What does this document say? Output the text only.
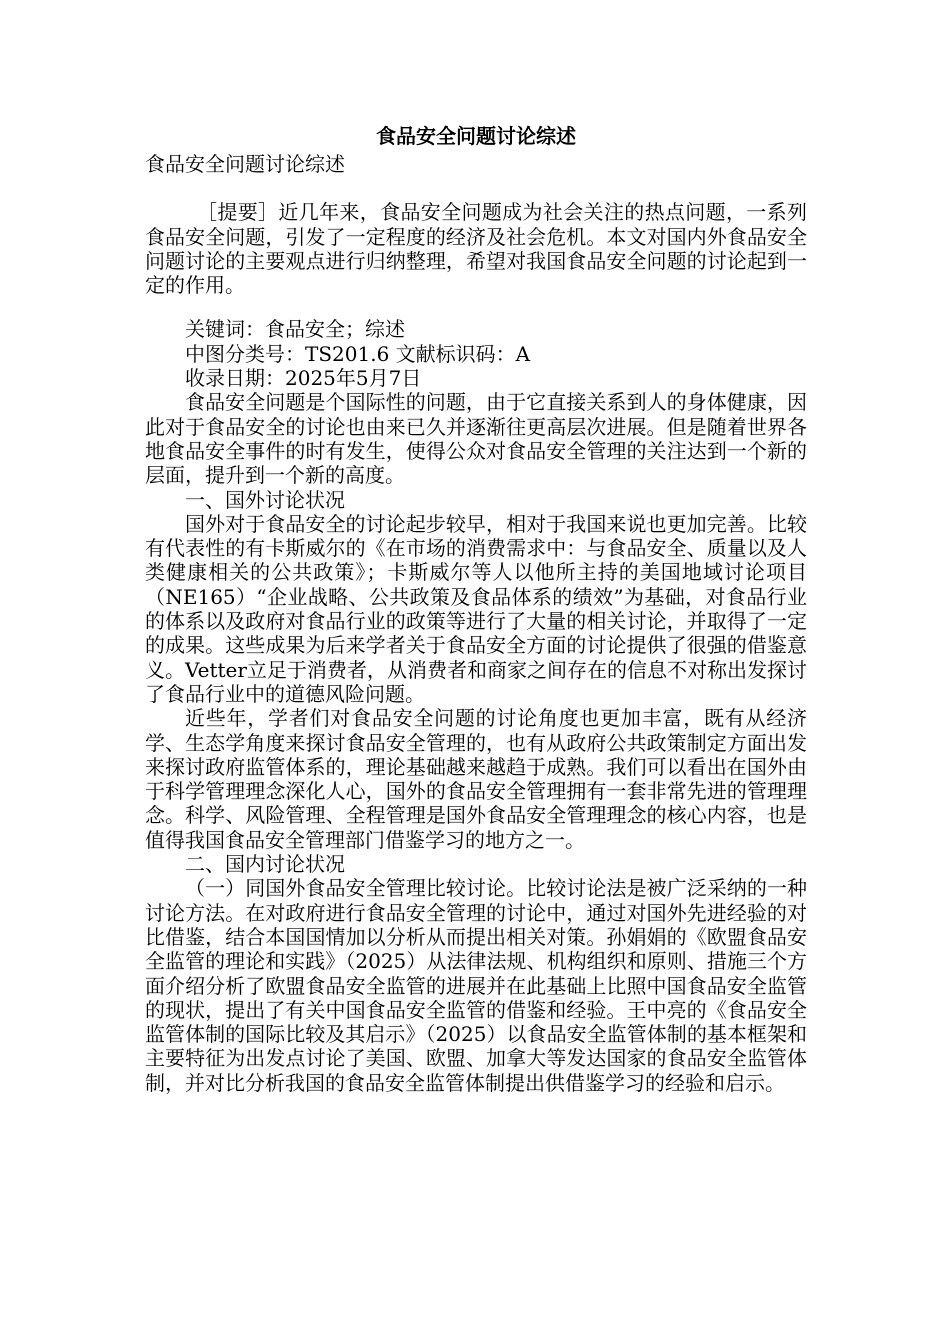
食品安全问题讨论综述

食品安全问题讨论综述

［提要］近几年来，食品安全问题成为社会关注的热点问题，一系列食品安全问题，引发了一定程度的经济及社会危机。本文对国内外食品安全问题讨论的主要观点进行归纳整理，希望对我国食品安全问题的讨论起到一定的作用。

关键词：食品安全；综述

中图分类号：TS201.6 文献标识码：A

收录日期：2025年5月7日

食品安全问题是个国际性的问题，由于它直接关系到人的身体健康，因此对于食品安全的讨论也由来已久并逐渐往更高层次进展。但是随着世界各地食品安全事件的时有发生，使得公众对食品安全管理的关注达到一个新的层面，提升到一个新的高度。

一、国外讨论状况

国外对于食品安全的讨论起步较早，相对于我国来说也更加完善。比较有代表性的有卡斯威尔的《在市场的消费需求中：与食品安全、质量以及人类健康相关的公共政策》；卡斯威尔等人以他所主持的美国地域讨论项目（NE165）“企业战略、公共政策及食品体系的绩效”为基础，对食品行业的体系以及政府对食品行业的政策等进行了大量的相关讨论，并取得了一定的成果。这些成果为后来学者关于食品安全方面的讨论提供了很强的借鉴意义。Vetter立足于消费者，从消费者和商家之间存在的信息不对称出发探讨了食品行业中的道德风险问题。

近些年，学者们对食品安全问题的讨论角度也更加丰富，既有从经济学、生态学角度来探讨食品安全管理的，也有从政府公共政策制定方面出发来探讨政府监管体系的，理论基础越来越趋于成熟。我们可以看出在国外由于科学管理理念深化人心，国外的食品安全管理拥有一套非常先进的管理理念。科学、风险管理、全程管理是国外食品安全管理理念的核心内容，也是值得我国食品安全管理部门借鉴学习的地方之一。

二、国内讨论状况

（一）同国外食品安全管理比较讨论。比较讨论法是被广泛采纳的一种讨论方法。在对政府进行食品安全管理的讨论中，通过对国外先进经验的对比借鉴，结合本国国情加以分析从而提出相关对策。孙娟娟的《欧盟食品安全监管的理论和实践》（2025）从法律法规、机构组织和原则、措施三个方面介绍分析了欧盟食品安全监管的进展并在此基础上比照中国食品安全监管的现状，提出了有关中国食品安全监管的借鉴和经验。王中亮的《食品安全监管体制的国际比较及其启示》（2025）以食品安全监管体制的基本框架和主要特征为出发点讨论了美国、欧盟、加拿大等发达国家的食品安全监管体制，并对比分析我国的食品安全监管体制提出供借鉴学习的经验和启示。
